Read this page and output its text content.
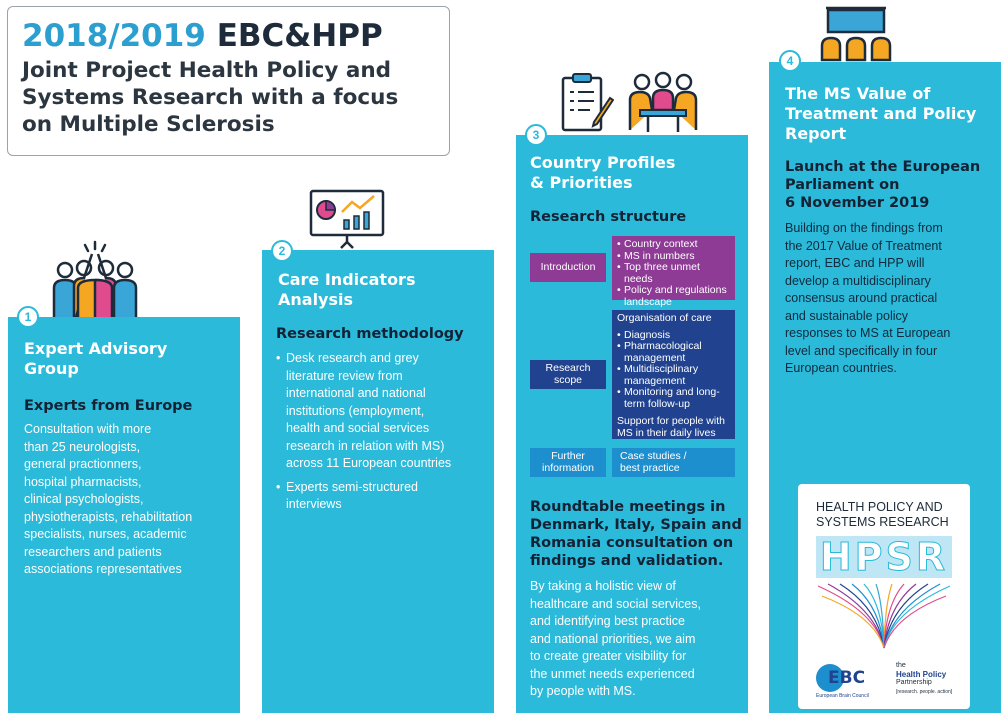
2018/2019 EBC&HPP
Joint Project Health Policy and
Systems Research with a focus
on Multiple Sclerosis
Expert Advisory
Group
Experts from Europe
Consultation with more
than 25 neurologists,
general practionners,
hospital pharmacists,
clinical psychologists,
physiotherapists, rehabilitation
specialists, nurses, academic
researchers and patients
associations representatives
1
Care Indicators
Analysis
Research methodology
• Desk research and grey
literature review from
international and national
institutions (employment,
health and social services
research in relation with MS)
across 11 European countries
• Experts semi-structured
interviews
2
Country Profiles
& Priorities
Research structure
3
Introduction
• Country context
• MS in numbers
• Top three unmet needs
• Policy and regulations landscape
Research
scope
Organisation of care
• Diagnosis
• Pharmacological management
• Multidisciplinary management
• Monitoring and long-term follow-up
Support for people with MS in their daily lives
Further
information
Case studies /
best practice
Roundtable meetings in
Denmark, Italy, Spain and
Romania consultation on
findings and validation.
By taking a holistic view of
healthcare and social services,
and identifying best practice
and national priorities, we aim
to create greater visibility for
the unmet needs experienced
by people with MS.
The MS Value of
Treatment and Policy
Report
Launch at the European
Parliament on
6 November 2019
Building on the findings from
the 2017 Value of Treatment
report, EBC and HPP will
develop a multidisciplinary
consensus around practical
and sustainable policy
responses to MS at European
level and specifically in four
European countries.
4
HEALTH POLICY AND
SYSTEMS RESEARCH
HPSR
EBC
European Brain Council
the
Health Policy
Partnership
[research. people. action]
